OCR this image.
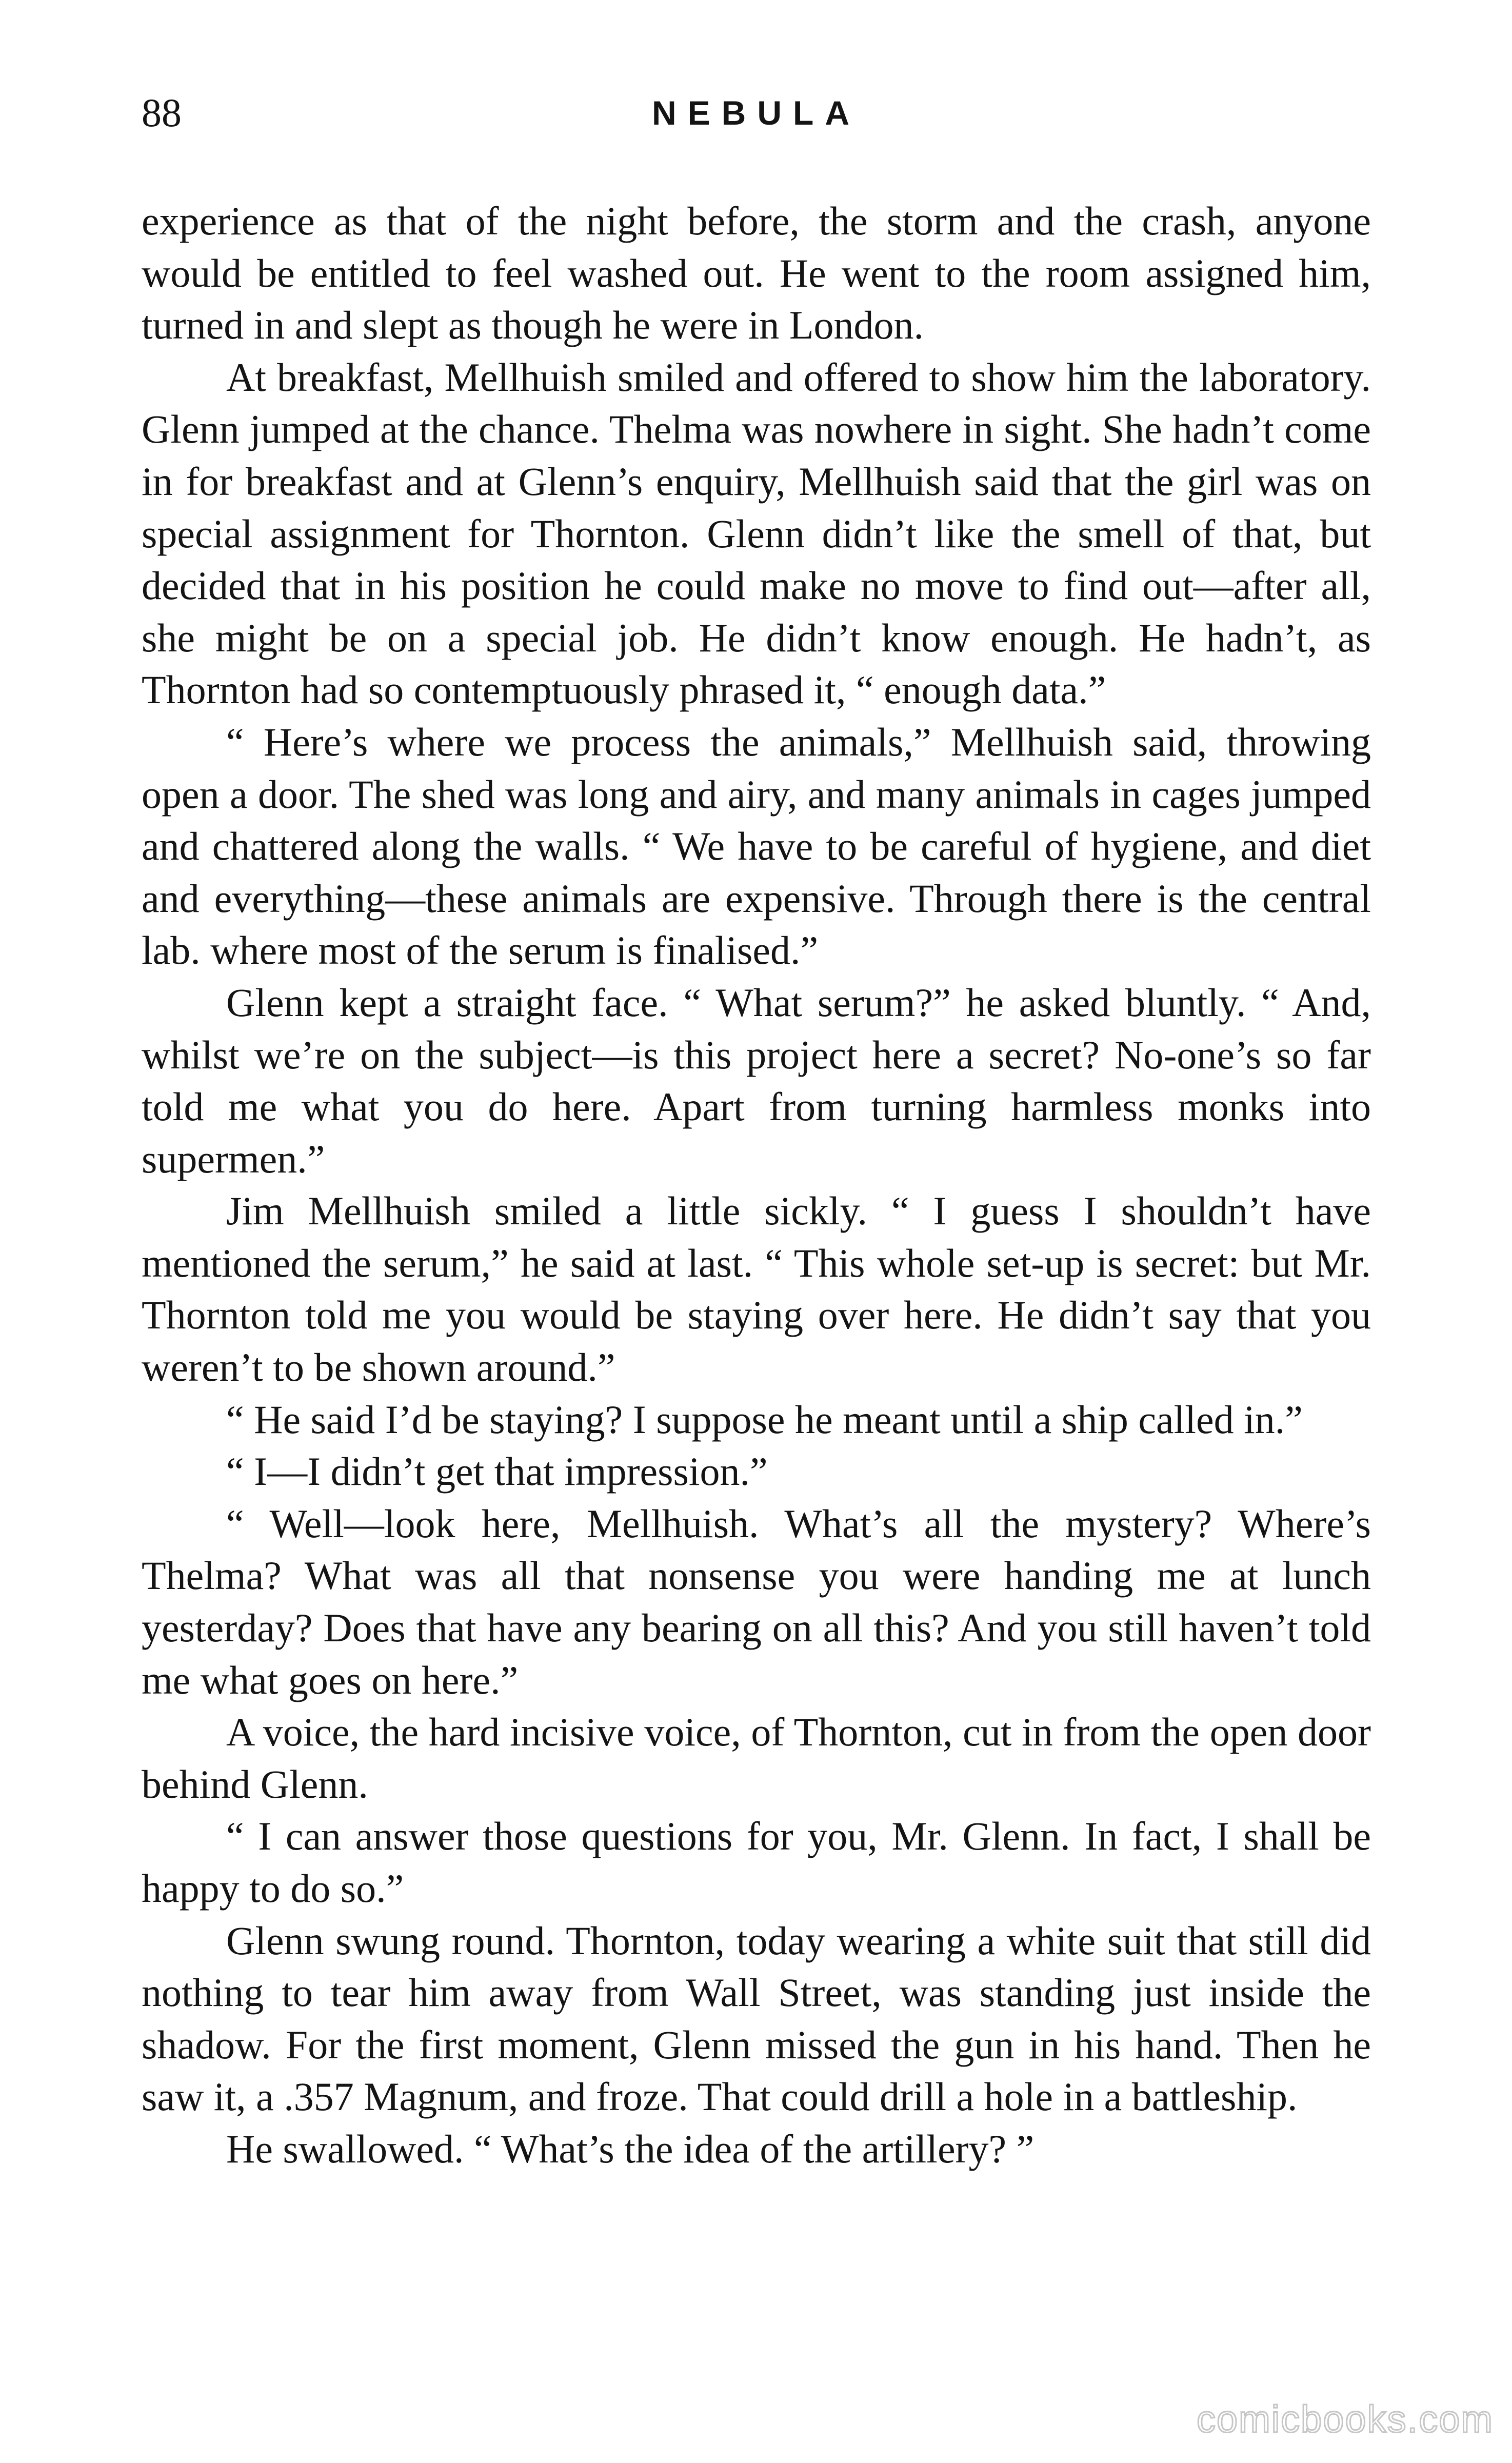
88	NEBULA

experience as that of the night before, the storm and the crash, anyone would be entitled to feel washed out. He went to the room assigned him, turned in and slept as though he were in London.

At breakfast, Mellhuish smiled and offered to show him the laboratory. Glenn jumped at the chance. Thelma was nowhere in sight. She hadn’t come in for breakfast and at Glenn’s enquiry, Mellhuish said that the girl was on special assignment for Thornton. Glenn didn’t like the smell of that, but decided that in his position he could make no move to find out—after all, she might be on a special job. He didn’t know enough. He hadn’t, as Thornton had so contemptuously phrased it, “ enough data.”

“ Here’s where we process the animals,” Mellhuish said, throwing open a door. The shed was long and airy, and many animals in cages jumped and chattered along the walls. “ We have to be careful of hygiene, and diet and everything—these animals are expensive. Through there is the central lab. where most of the serum is finalised.”

Glenn kept a straight face. “ What serum?” he asked bluntly. “ And, whilst we’re on the subject—is this project here a secret? No-one’s so far told me what you do here. Apart from turning harmless monks into supermen.”

Jim Mellhuish smiled a little sickly. “ I guess I shouldn’t have mentioned the serum,” he said at last. “ This whole set-up is secret: but Mr. Thornton told me you would be staying over here. He didn’t say that you weren’t to be shown around.”

“ He said I’d be staying? I suppose he meant until a ship called in.”

“ I—I didn’t get that impression.”

“ Well—look here, Mellhuish. What’s all the mystery? Where’s Thelma? What was all that nonsense you were handing me at lunch yesterday? Does that have any bearing on all this? And you still haven’t told me what goes on here.”

A voice, the hard incisive voice, of Thornton, cut in from the open door behind Glenn.

“ I can answer those questions for you, Mr. Glenn. In fact, I shall be happy to do so.”

Glenn swung round. Thornton, today wearing a white suit that still did nothing to tear him away from Wall Street, was standing just inside the shadow. For the first moment, Glenn missed the gun in his hand. Then he saw it, a .357 Magnum, and froze. That could drill a hole in a battleship.

He swallowed. “ What’s the idea of the artillery? ”

comicbooks.com
